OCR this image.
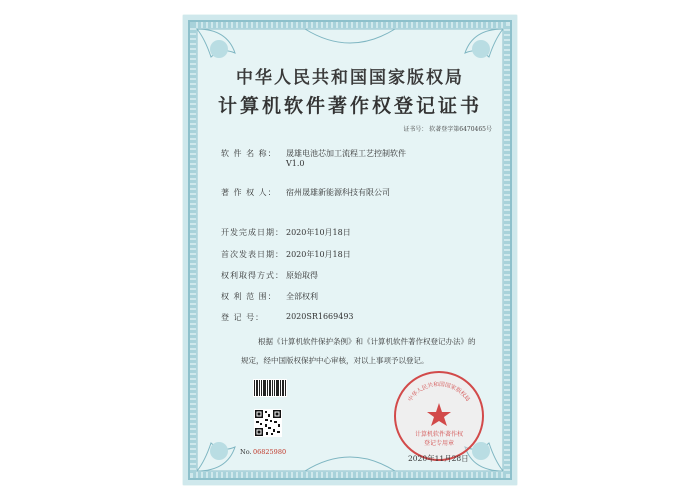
中华人民共和国国家版权局
计算机软件著作权登记证书
证书号： 软著登字第6470465号
软 件 名 称： 晟雄电池芯加工流程工艺控制软件
V1.0
著 作 权 人： 宿州晟雄新能源科技有限公司
开发完成日期： 2020年10月18日
首次发表日期： 2020年10月18日
权利取得方式： 原始取得
权 利 范 围： 全部权利
登 记 号：	2020SR1669493
根据《计算机软件保护条例》和《计算机软件著作权登记办法》的
规定，经中国版权保护中心审核，对以上事项予以登记。
No. 06825980
中华人民共和国国家版权局
计算机软件著作权
登记专用章
2020年11月28日
